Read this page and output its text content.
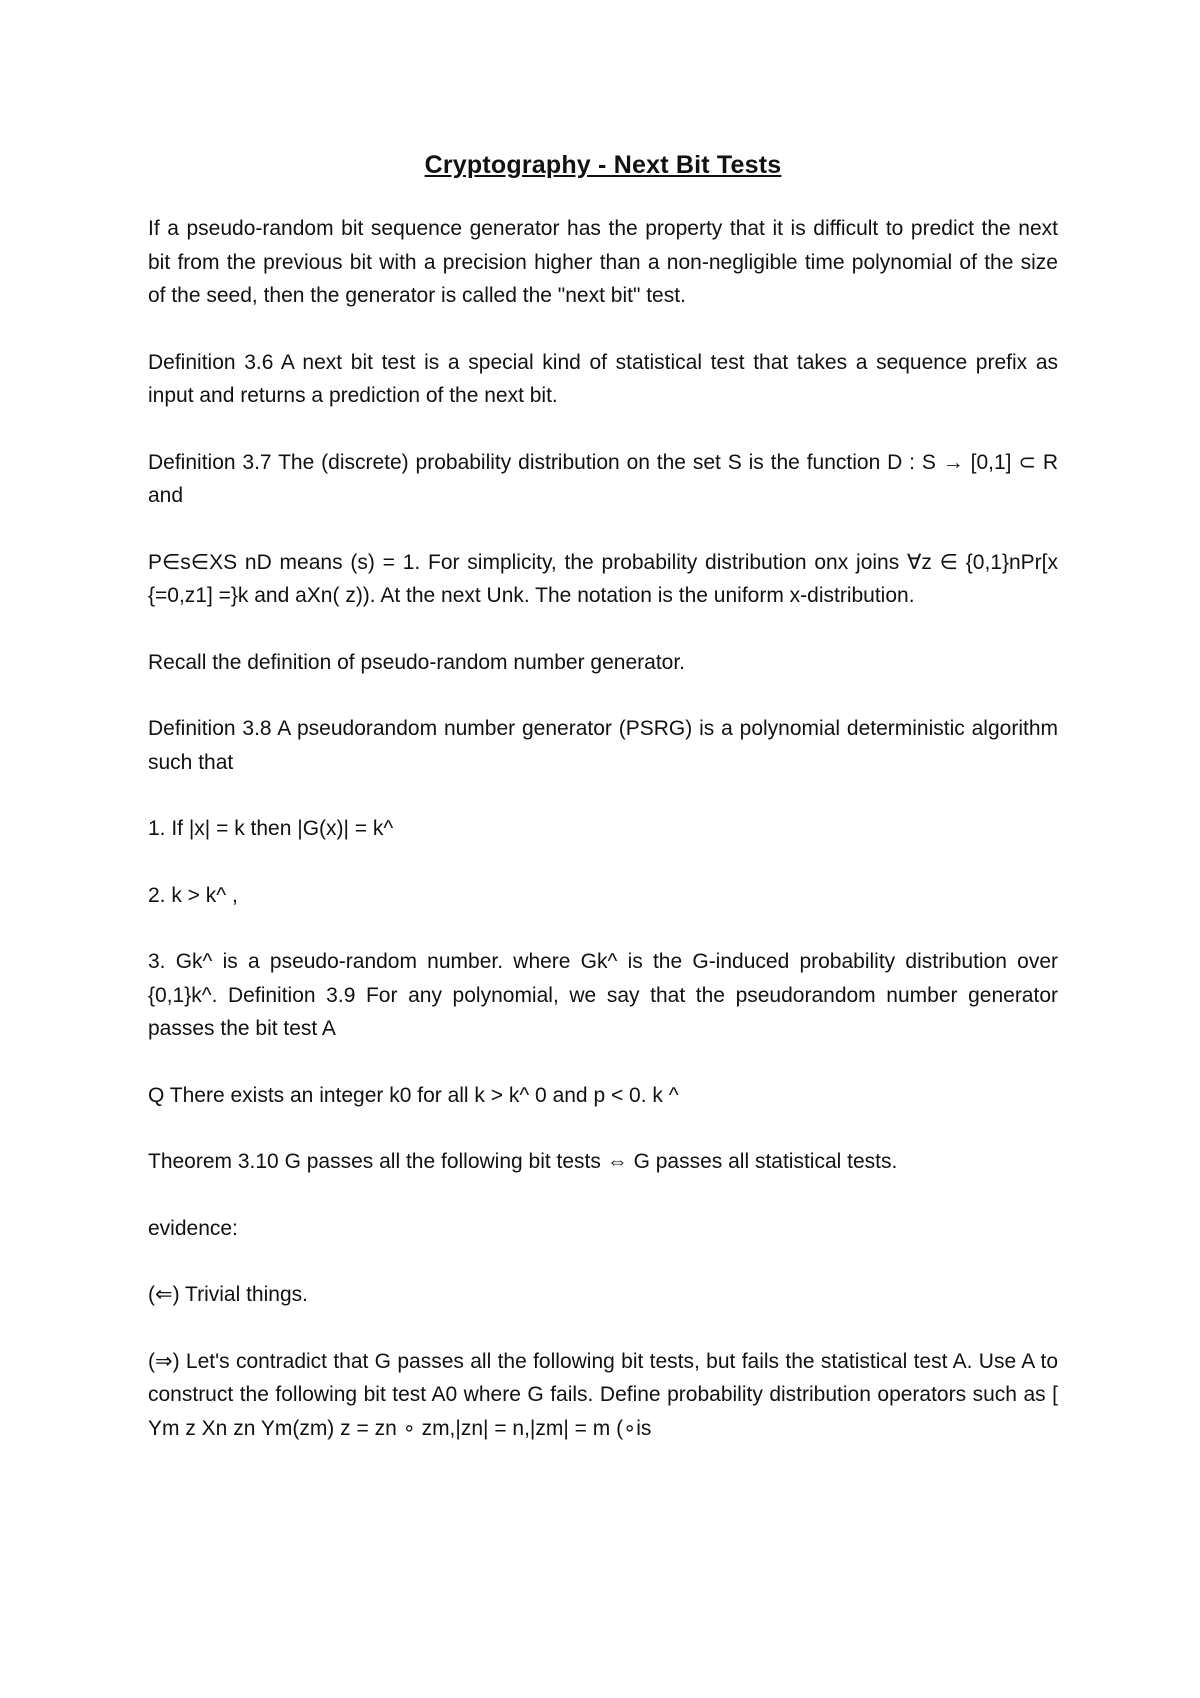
Cryptography - Next Bit Tests

If a pseudo-random bit sequence generator has the property that it is difficult to predict the next bit from the previous bit with a precision higher than a non-negligible time polynomial of the size of the seed, then the generator is called the "next bit" test.

Definition 3.6 A next bit test is a special kind of statistical test that takes a sequence prefix as input and returns a prediction of the next bit.

Definition 3.7 The (discrete) probability distribution on the set S is the function D : S → [0,1] ⊂ R and

P∈s∈XS nD means (s) = 1. For simplicity, the probability distribution onx joins ∀z ∈ {0,1}nPr[x {=0,z1] =}k and aXn( z)). At the next Unk. The notation is the uniform x-distribution.

Recall the definition of pseudo-random number generator.

Definition 3.8 A pseudorandom number generator (PSRG) is a polynomial deterministic algorithm such that

1. If |x| = k then |G(x)| = k^

2. k > k^ ,

3. Gk^ is a pseudo-random number. where Gk^ is the G-induced probability distribution over {0,1}k^. Definition 3.9 For any polynomial, we say that the pseudorandom number generator passes the bit test A

Q There exists an integer k0 for all k > k^ 0 and p < 0. k ^

Theorem 3.10 G passes all the following bit tests ⇔ G passes all statistical tests.

evidence:

(⇐) Trivial things.

(⇒) Let's contradict that G passes all the following bit tests, but fails the statistical test A. Use A to construct the following bit test A0 where G fails. Define probability distribution operators such as [ Ym z Xn zn Ym(zm) z = zn ∘ zm,|zn| = n,|zm| = m (∘is
